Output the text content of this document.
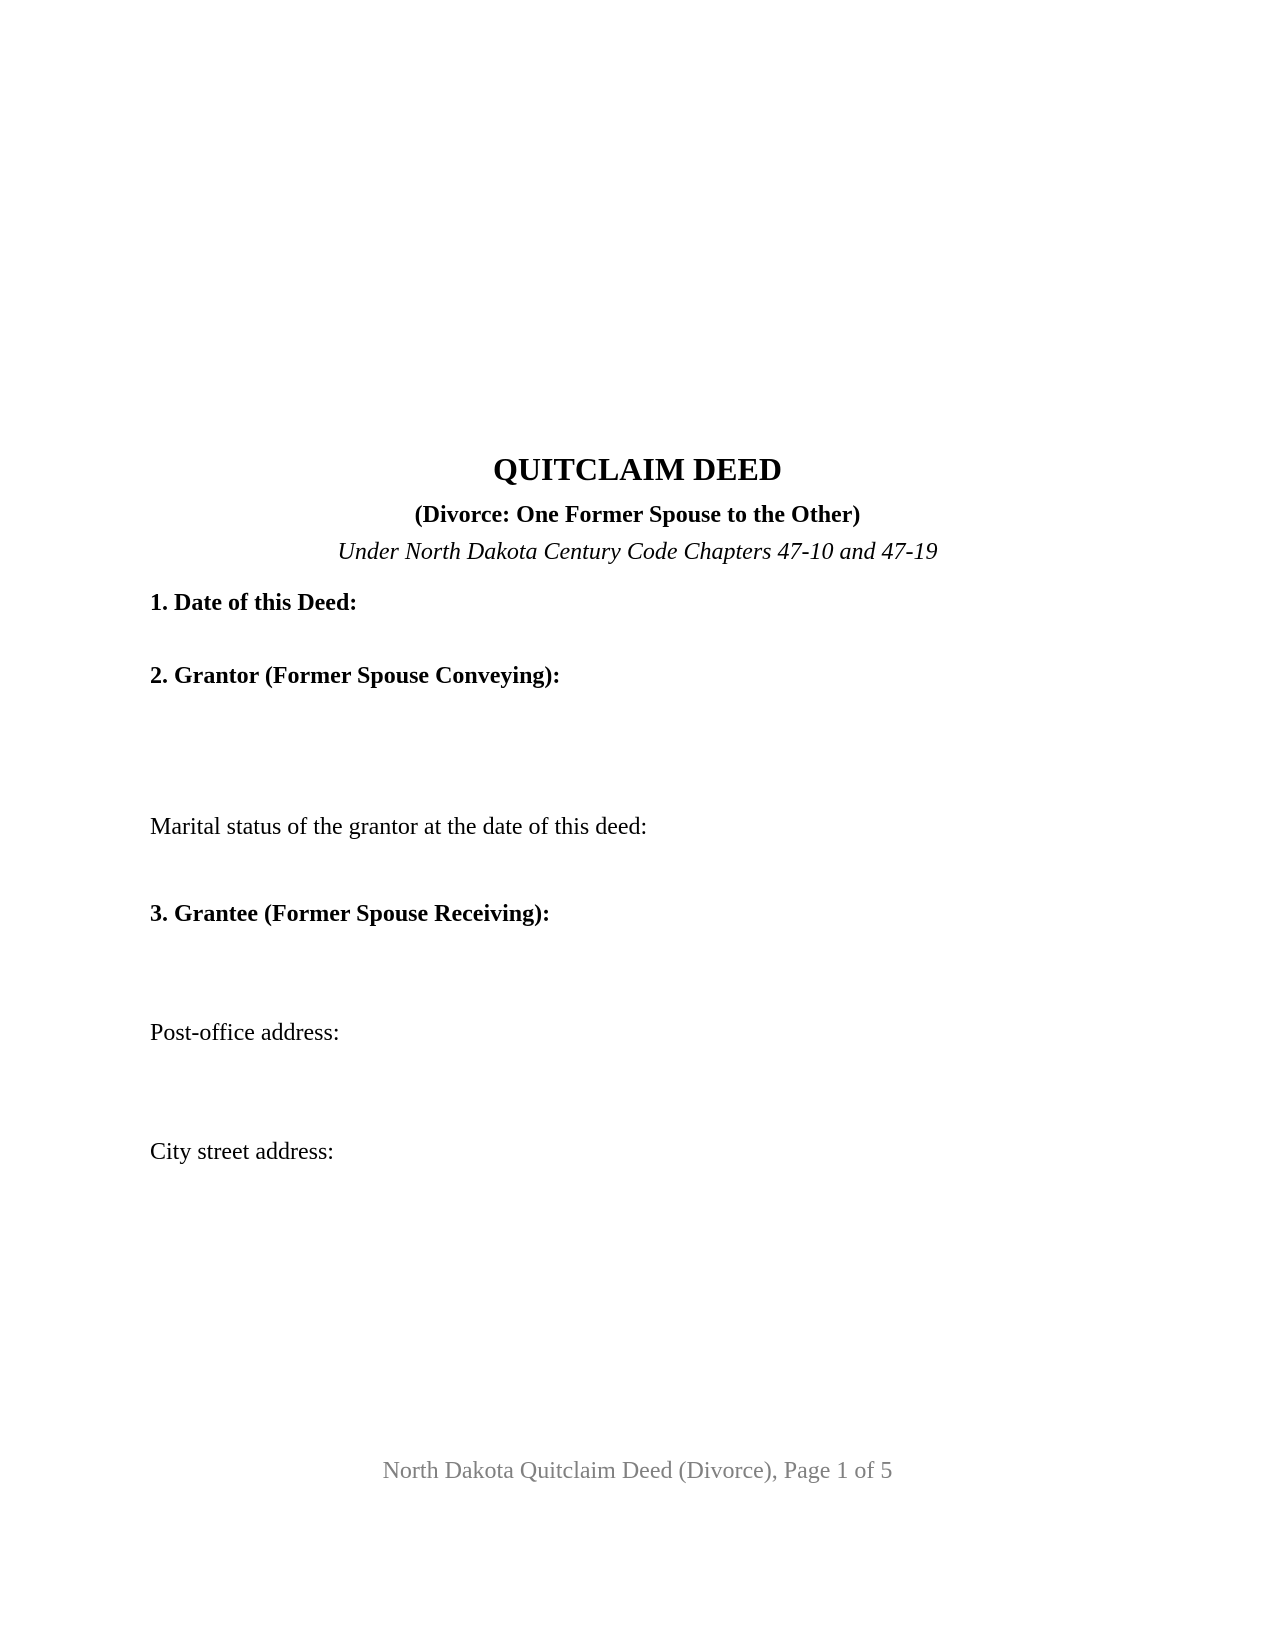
QUITCLAIM DEED
(Divorce: One Former Spouse to the Other)
Under North Dakota Century Code Chapters 47-10 and 47-19
1. Date of this Deed:
2. Grantor (Former Spouse Conveying):
Marital status of the grantor at the date of this deed:
3. Grantee (Former Spouse Receiving):
Post-office address:
City street address:
North Dakota Quitclaim Deed (Divorce), Page 1 of 5
